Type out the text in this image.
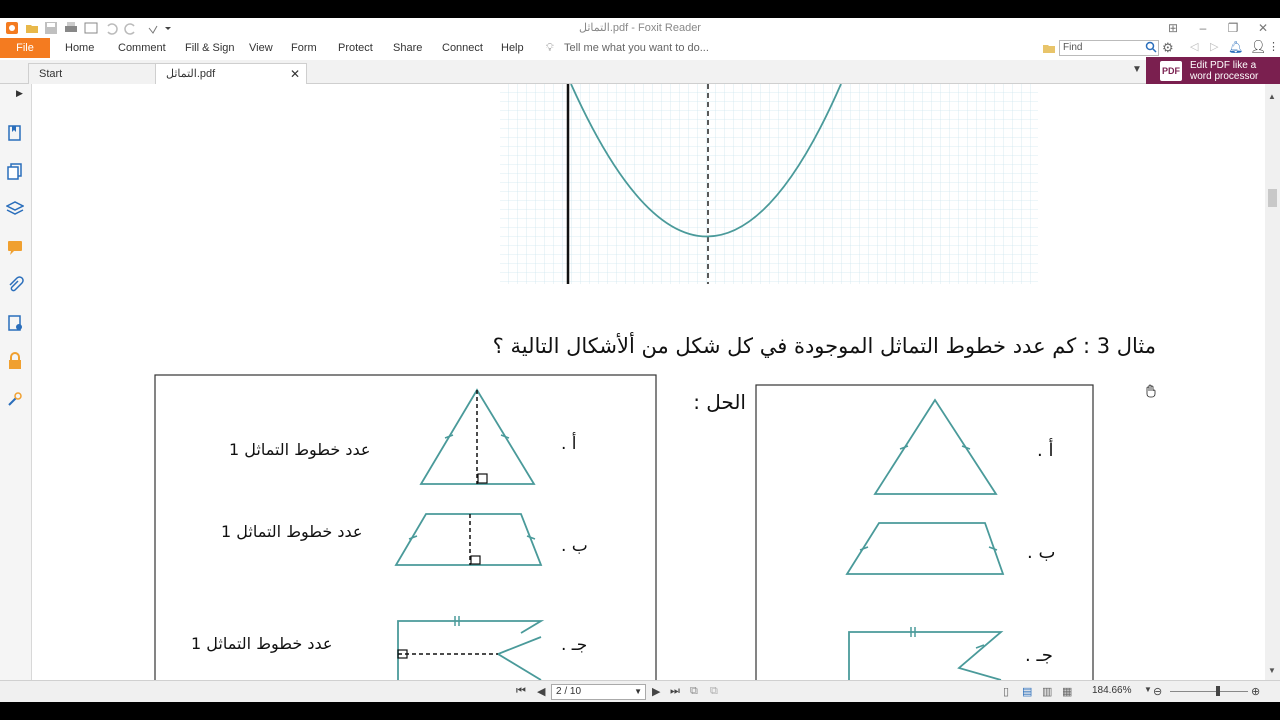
التماثل.pdf - Foxit Reader	⊞	–	❐	✕
File	Home Comment Fill & Sign View Form Protect Share Connect Help 💡︎ Tell me what you want to do...	Find	⚙ ◁ ▷ 🔔︎ 👤︎ ⋮
Start	التماثل.pdf	✕	▼ PDF Edit PDF like a
word processor
▶
مثال 3 : كم عدد خطوط التماثل الموجودة في كل شكل من ألأشكال التالية ؟
الحل :
أ .
عدد خطوط التماثل 1
ب .
عدد خطوط التماثل 1
جـ .
عدد خطوط التماثل 1
أ .
ب .
جـ .
▲
▼
⏮ ◀	2 / 10	▼ ▶ ⏭ ⧉ ⧉	▯ ▤ ▥ ▦ 184.66% ▼ ⊖	⊕
